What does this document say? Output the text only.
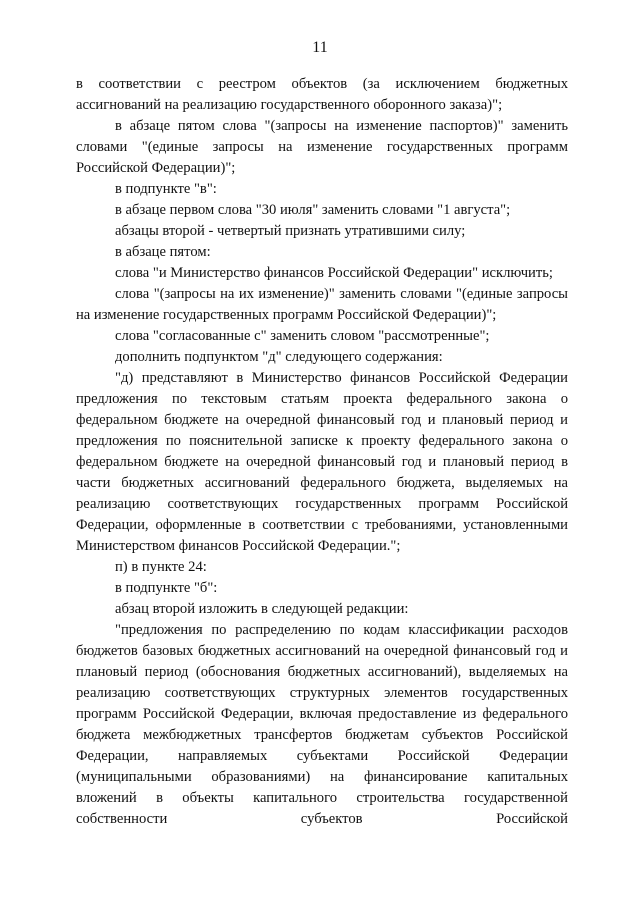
11

в соответствии с реестром объектов (за исключением бюджетных ассигнований на реализацию государственного оборонного заказа)";

в абзаце пятом слова "(запросы на изменение паспортов)" заменить словами "(единые запросы на изменение государственных программ Российской Федерации)";

в подпункте "в":

в абзаце первом слова "30 июля" заменить словами "1 августа";

абзацы второй - четвертый признать утратившими силу;

в абзаце пятом:

слова "и Министерство финансов Российской Федерации" исключить;

слова "(запросы на их изменение)" заменить словами "(единые запросы на изменение государственных программ Российской Федерации)";

слова "согласованные с" заменить словом "рассмотренные";

дополнить подпунктом "д" следующего содержания:

"д) представляют в Министерство финансов Российской Федерации предложения по текстовым статьям проекта федерального закона о федеральном бюджете на очередной финансовый год и плановый период и предложения по пояснительной записке к проекту федерального закона о федеральном бюджете на очередной финансовый год и плановый период в части бюджетных ассигнований федерального бюджета, выделяемых на реализацию соответствующих государственных программ Российской Федерации, оформленные в соответствии с требованиями, установленными Министерством финансов Российской Федерации.";

п) в пункте 24:

в подпункте "б":

абзац второй изложить в следующей редакции:

"предложения по распределению по кодам классификации расходов бюджетов базовых бюджетных ассигнований на очередной финансовый год и плановый период (обоснования бюджетных ассигнований), выделяемых на реализацию соответствующих структурных элементов государственных программ Российской Федерации, включая предоставление из федерального бюджета межбюджетных трансфертов бюджетам субъектов Российской Федерации, направляемых субъектами Российской Федерации (муниципальными образованиями) на финансирование капитальных вложений в объекты капитального строительства государственной собственности субъектов Российской
